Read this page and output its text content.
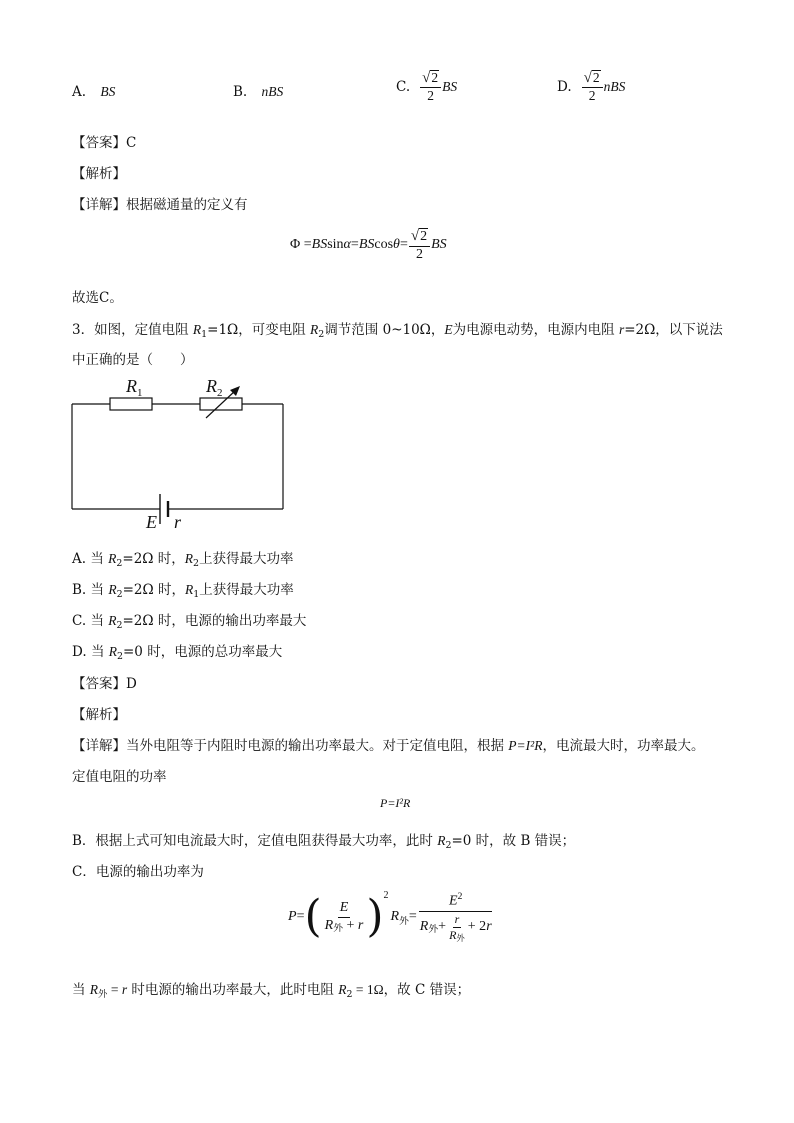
A. BS	B. nBS	C. $\frac{√ 2}{2}$ BS	D. $\frac{√ 2}{2}$ nBS
【答案】C
【解析】
【详解】根据磁通量的定义有
Φ = BS sin α = BS $\cos \theta = \frac{√ 2}{2}$ BS
故选C。
3．如图，定值电阻 $R_1=1\Omega$，可变电阻 $R_2$调节范围 0~10Ω，E为电源电动势，电源内电阻 r=2Ω，以下说法
中正确的是（　　）
$R_1$	$R_2$
E r
A. 当 $R_2=2\Omega$ 时，$R_2$上获得最大功率
B. 当 $R_2=2\Omega$ 时，$R_1$上获得最大功率
C. 当 $R_2=2\Omega$ 时，电源的输出功率最大
D. 当 $R_2=0$ 时，电源的总功率最大
【答案】D
【解析】
【详解】当外电阻等于内阻时电源的输出功率最大。对于定值电阻，根据 P=I²R，电流最大时，功率最大。
定值电阻的功率
P=I²R
B．根据上式可知电流最大时，定值电阻获得最大功率，此时 $R_2=0$ 时，故 B 错误；
C．电源的输出功率为
P = ( $\frac{E}{R_外 + r}$ ) 2
R 外 = $\frac{E^2}{R 外 + \frac{r}{R_外} + 2 r}$
当 $R_外 = r$ 时电源的输出功率最大，此时电阻 $R_2 = 1\Omega$，故 C 错误；
